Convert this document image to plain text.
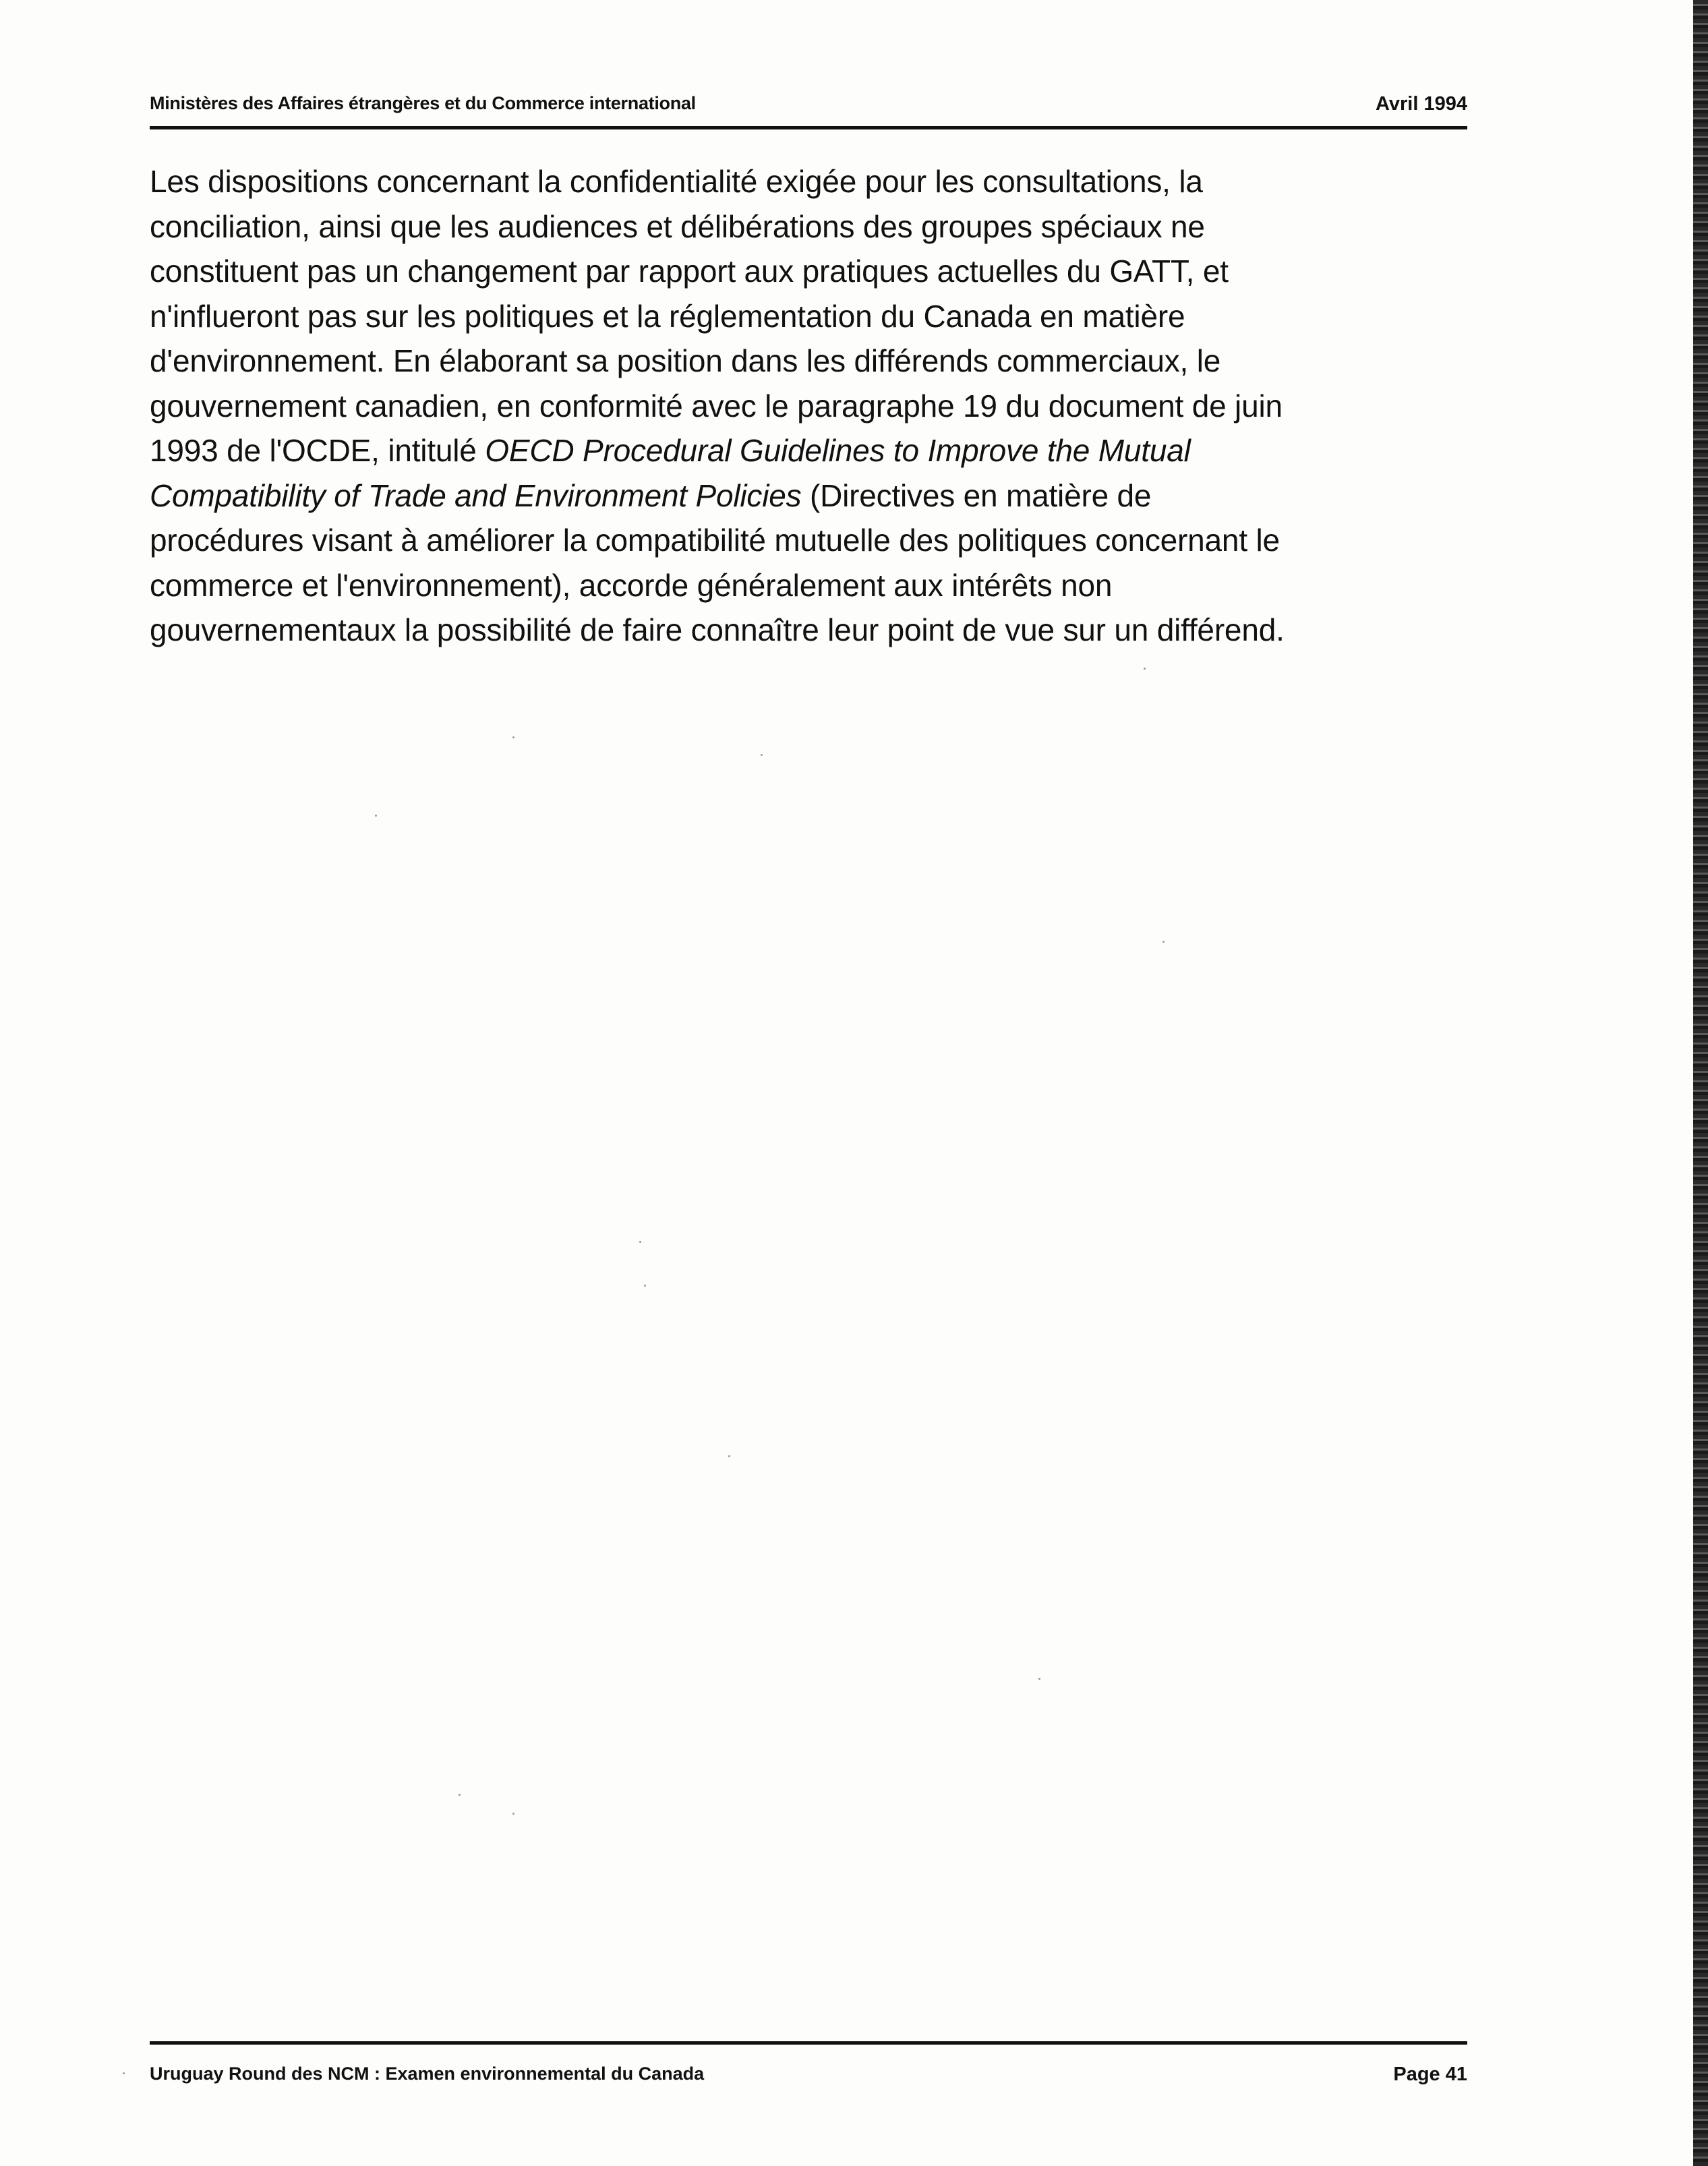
Ministères des Affaires étrangères et du Commerce international	Avril 1994
Les dispositions concernant la confidentialité exigée pour les consultations, la
conciliation, ainsi que les audiences et délibérations des groupes spéciaux ne
constituent pas un changement par rapport aux pratiques actuelles du GATT, et
n'influeront pas sur les politiques et la réglementation du Canada en matière
d'environnement. En élaborant sa position dans les différends commerciaux, le
gouvernement canadien, en conformité avec le paragraphe 19 du document de juin
1993 de l'OCDE, intitulé OECD Procedural Guidelines to Improve the Mutual
Compatibility of Trade and Environment Policies (Directives en matière de
procédures visant à améliorer la compatibilité mutuelle des politiques concernant le
commerce et l'environnement), accorde généralement aux intérêts non
gouvernementaux la possibilité de faire connaître leur point de vue sur un différend.
Uruguay Round des NCM : Examen environnemental du Canada	Page 41
